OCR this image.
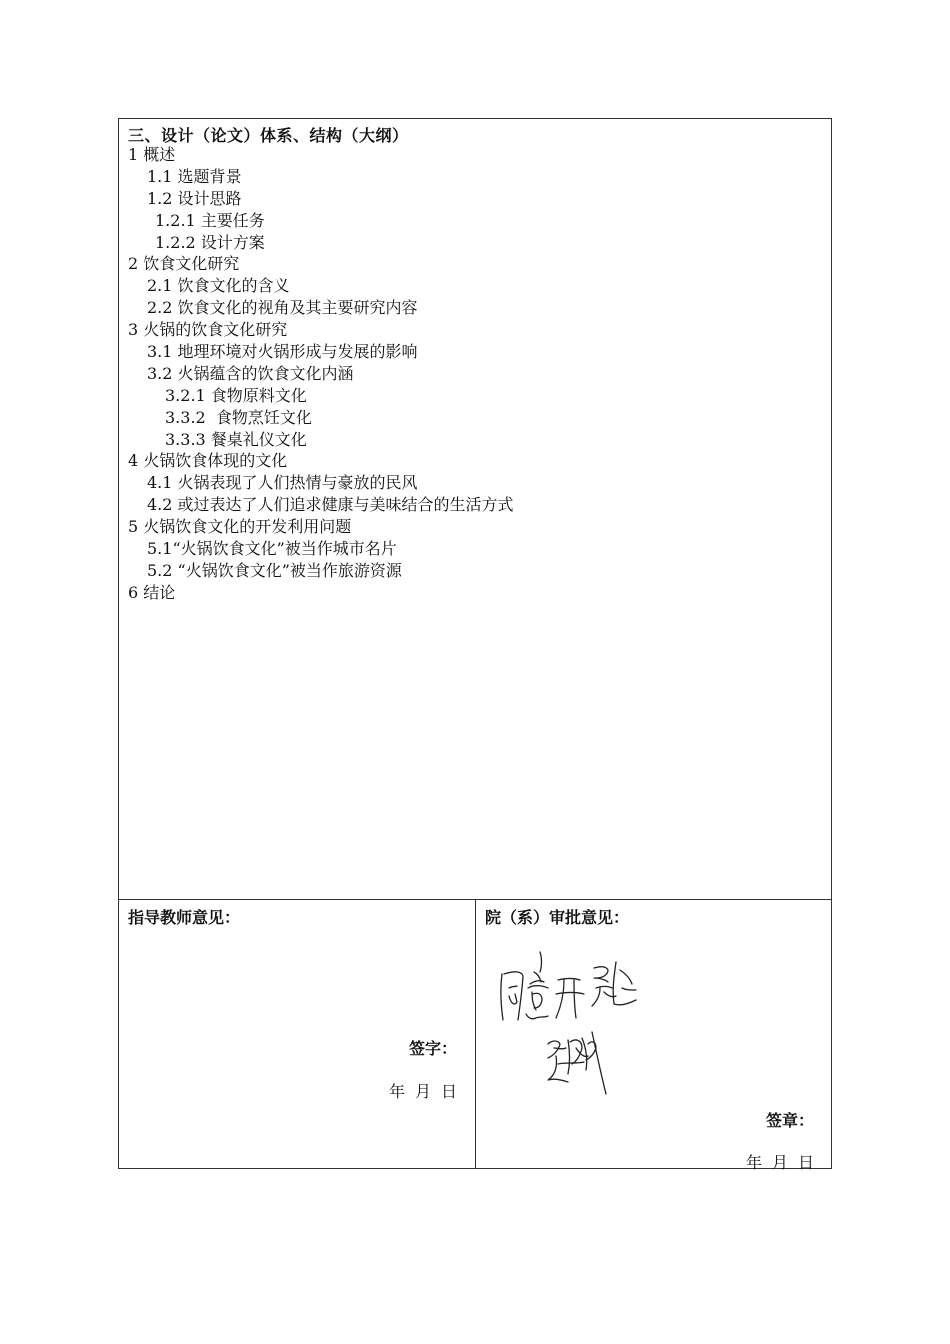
三、设计（论文）体系、结构（大纲）
1 概述
1.1 选题背景
1.2 设计思路
1.2.1 主要任务
1.2.2 设计方案
2 饮食文化研究
2.1 饮食文化的含义
2.2 饮食文化的视角及其主要研究内容
3 火锅的饮食文化研究
3.1 地理环境对火锅形成与发展的影响
3.2 火锅蕴含的饮食文化内涵
3.2.1 食物原料文化
3.3.2  食物烹饪文化
3.3.3 餐桌礼仪文化
4 火锅饮食体现的文化
4.1 火锅表现了人们热情与豪放的民风
4.2 或过表达了人们追求健康与美味结合的生活方式
5 火锅饮食文化的开发利用问题
5.1“火锅饮食文化”被当作城市名片
5.2 “火锅饮食文化”被当作旅游资源
6 结论
指导教师意见：
签字：
年月日
院（系）审批意见：
签章：
年月日
